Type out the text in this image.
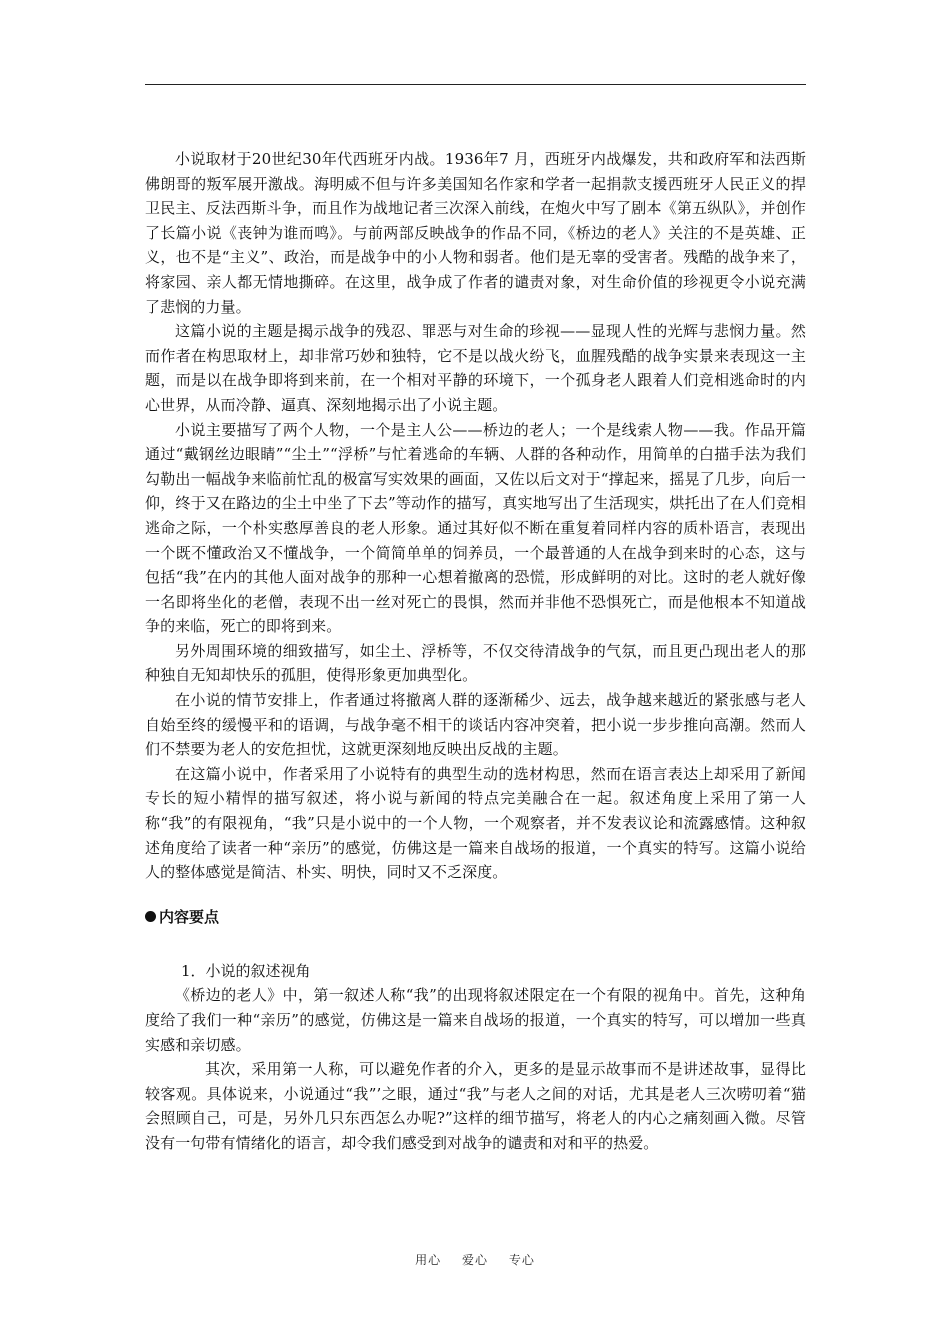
小说取材于20世纪30年代西班牙内战。1936年7 月，西班牙内战爆发，共和政府军和法西斯佛朗哥的叛军展开激战。海明威不但与许多美国知名作家和学者一起捐款支援西班牙人民正义的捍卫民主、反法西斯斗争，而且作为战地记者三次深入前线，在炮火中写了剧本《第五纵队》，并创作了长篇小说《丧钟为谁而鸣》。与前两部反映战争的作品不同，《桥边的老人》关注的不是英雄、正义，也不是“主义”、政治，而是战争中的小人物和弱者。他们是无辜的受害者。残酷的战争来了，将家园、亲人都无情地撕碎。在这里，战争成了作者的谴责对象，对生命价值的珍视更令小说充满了悲悯的力量。

这篇小说的主题是揭示战争的残忍、罪恶与对生命的珍视——显现人性的光辉与悲悯力量。然而作者在构思取材上，却非常巧妙和独特，它不是以战火纷飞，血腥残酷的战争实景来表现这一主题，而是以在战争即将到来前，在一个相对平静的环境下，一个孤身老人跟着人们竞相逃命时的内心世界，从而冷静、逼真、深刻地揭示出了小说主题。

小说主要描写了两个人物，一个是主人公——桥边的老人；一个是线索人物——我。作品开篇通过“戴钢丝边眼睛”“尘土”“浮桥”与忙着逃命的车辆、人群的各种动作，用简单的白描手法为我们勾勒出一幅战争来临前忙乱的极富写实效果的画面，又佐以后文对于“撑起来，摇晃了几步，向后一仰，终于又在路边的尘土中坐了下去”等动作的描写，真实地写出了生活现实，烘托出了在人们竞相逃命之际，一个朴实憨厚善良的老人形象。通过其好似不断在重复着同样内容的质朴语言，表现出一个既不懂政治又不懂战争，一个简简单单的饲养员，一个最普通的人在战争到来时的心态，这与包括“我”在内的其他人面对战争的那种一心想着撤离的恐慌，形成鲜明的对比。这时的老人就好像一名即将坐化的老僧，表现不出一丝对死亡的畏惧，然而并非他不恐惧死亡，而是他根本不知道战争的来临，死亡的即将到来。

另外周围环境的细致描写，如尘土、浮桥等，不仅交待清战争的气氛，而且更凸现出老人的那种独自无知却快乐的孤胆，使得形象更加典型化。

在小说的情节安排上，作者通过将撤离人群的逐渐稀少、远去，战争越来越近的紧张感与老人自始至终的缓慢平和的语调，与战争毫不相干的谈话内容冲突着，把小说一步步推向高潮。然而人们不禁要为老人的安危担忧，这就更深刻地反映出反战的主题。

在这篇小说中，作者采用了小说特有的典型生动的选材构思，然而在语言表达上却采用了新闻专长的短小精悍的描写叙述，将小说与新闻的特点完美融合在一起。叙述角度上采用了第一人称“我”的有限视角，“我”只是小说中的一个人物，一个观察者，并不发表议论和流露感情。这种叙述角度给了读者一种“亲历”的感觉，仿佛这是一篇来自战场的报道，一个真实的特写。这篇小说给人的整体感觉是简洁、朴实、明快，同时又不乏深度。

内容要点

1．小说的叙述视角

《桥边的老人》中，第一叙述人称“我”的出现将叙述限定在一个有限的视角中。首先，这种角度给了我们一种“亲历”的感觉，仿佛这是一篇来自战场的报道，一个真实的特写，可以增加一些真实感和亲切感。

其次，采用第一人称，可以避免作者的介入，更多的是显示故事而不是讲述故事，显得比较客观。具体说来，小说通过“我”’之眼，通过“我”与老人之间的对话，尤其是老人三次唠叨着“猫会照顾自己，可是，另外几只东西怎么办呢?”这样的细节描写，将老人的内心之痛刻画入微。尽管没有一句带有情绪化的语言，却令我们感受到对战争的谴责和对和平的热爱。

用心 爱心 专心
